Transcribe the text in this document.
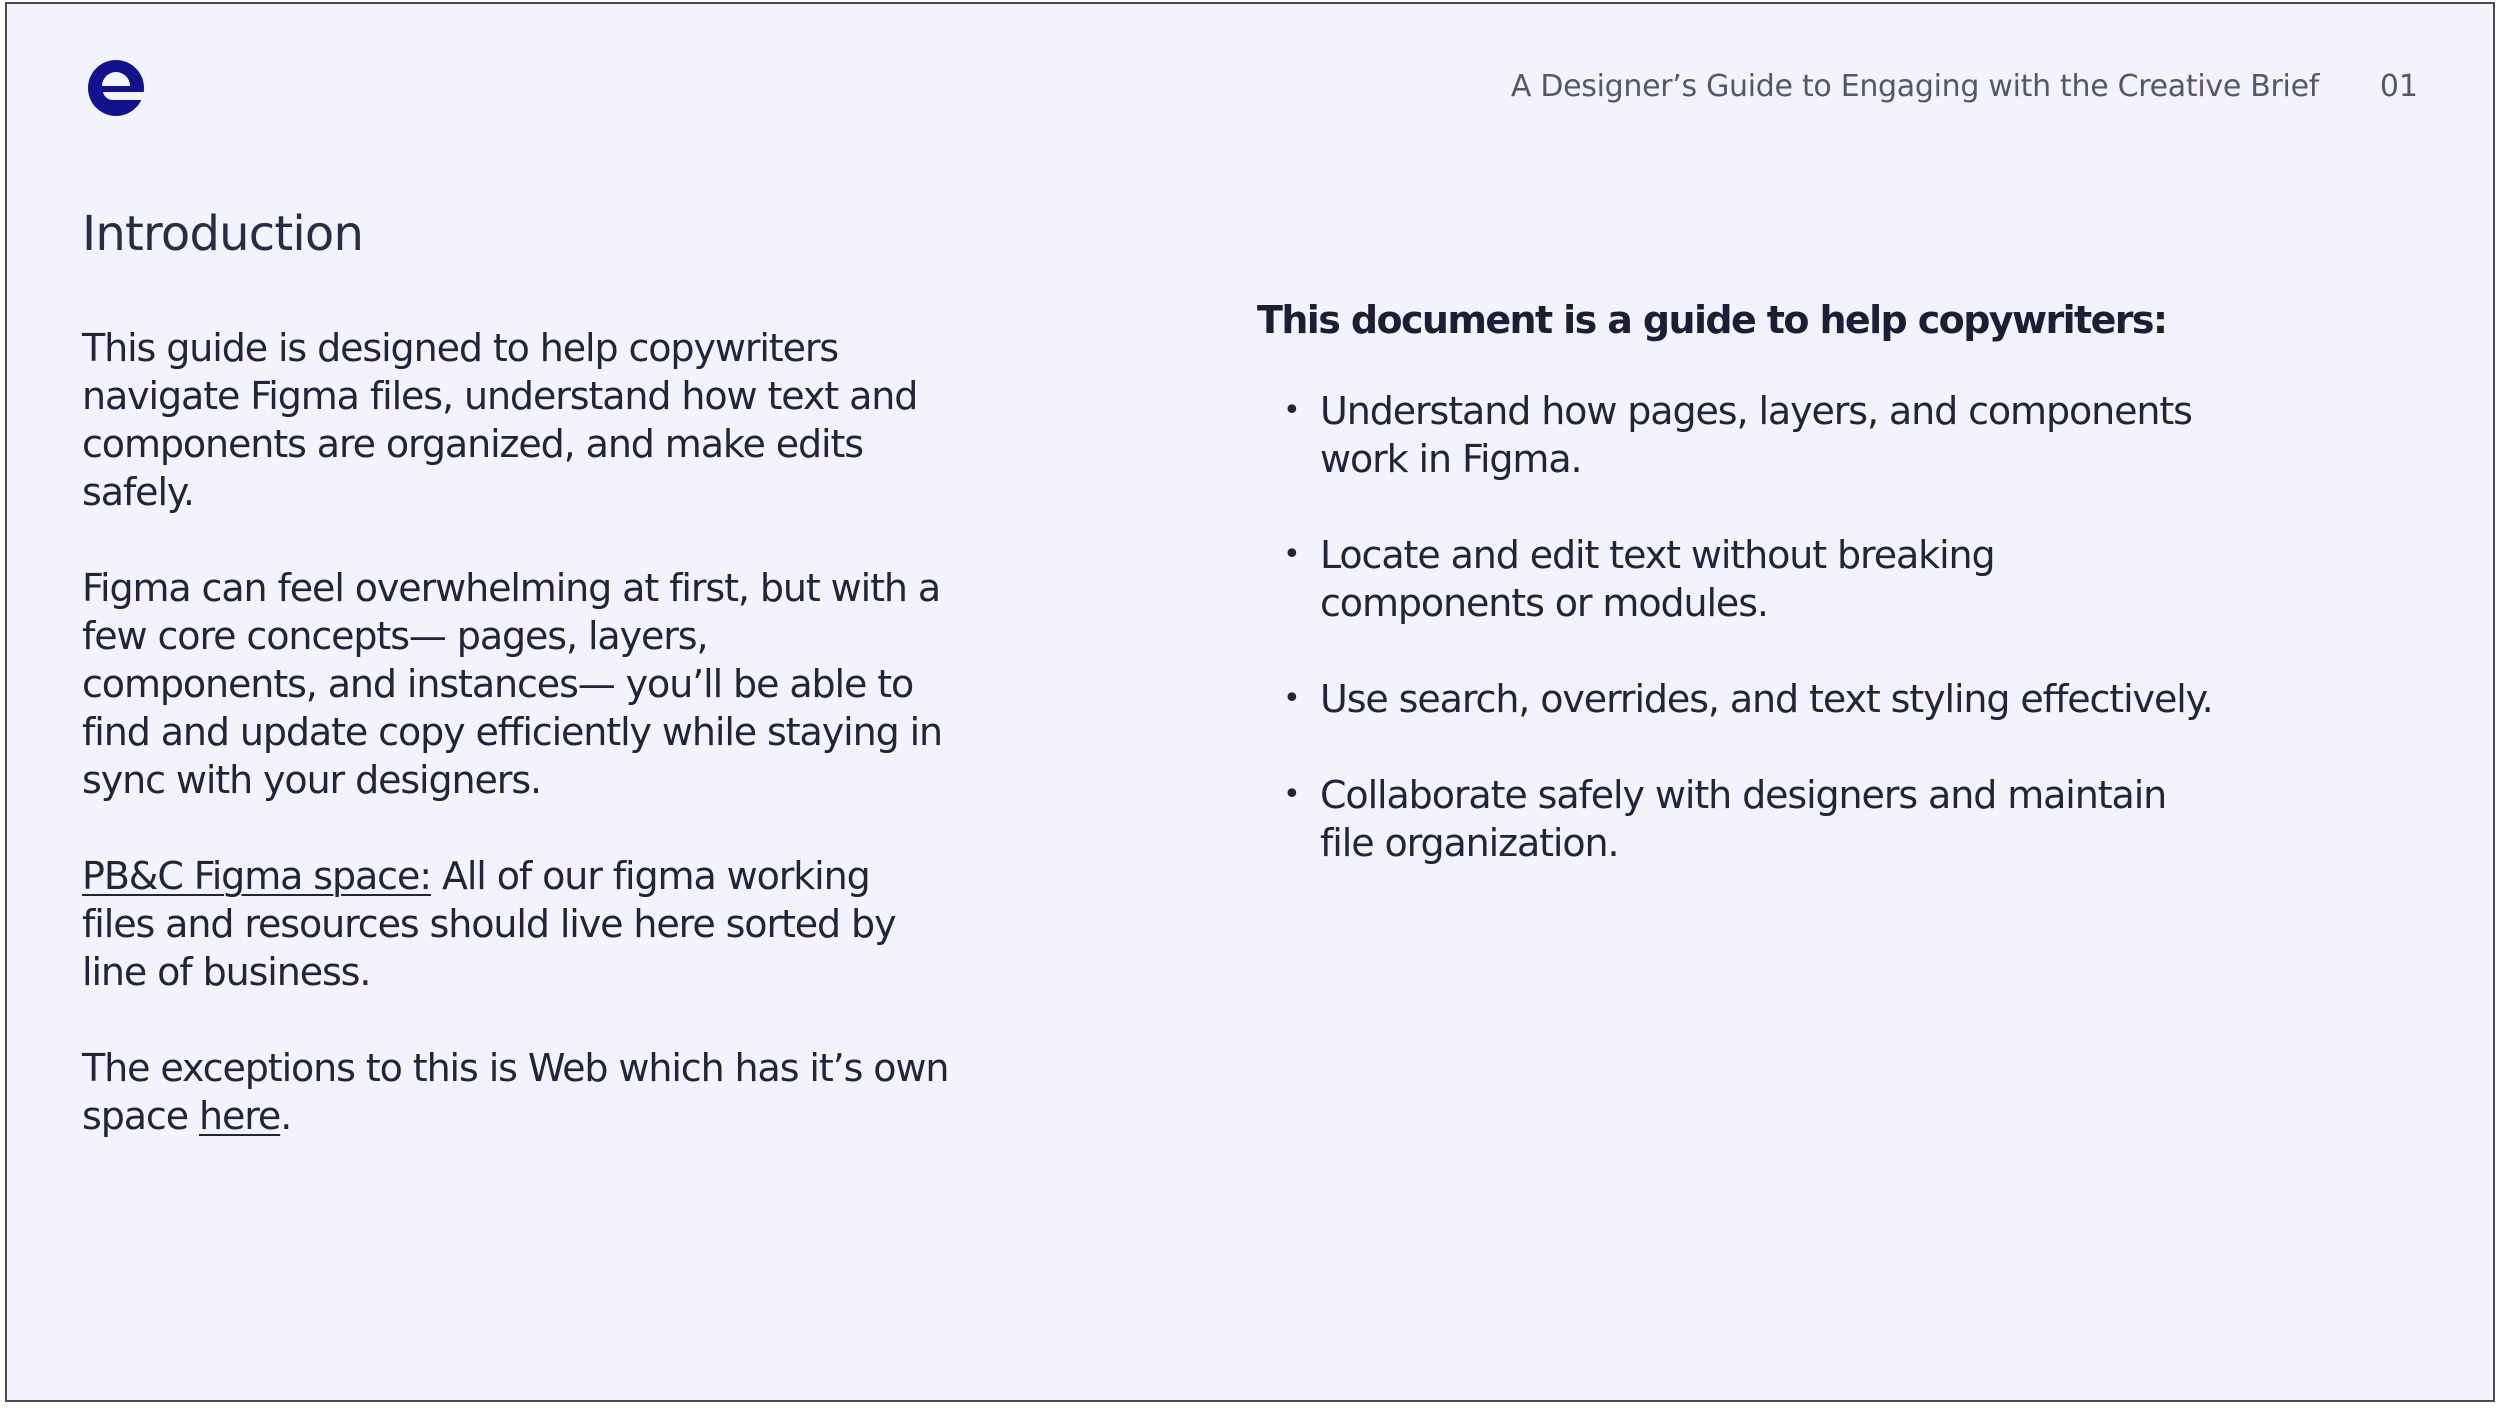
A Designer’s Guide to Engaging with the Creative Brief 01
Introduction

This guide is designed to help copywriters navigate Figma files, understand how text and components are organized, and make edits safely.

Figma can feel overwhelming at first, but with a few core concepts— pages, layers, components, and instances— you’ll be able to find and update copy efficiently while staying in sync with your designers.

PB&C Figma space: All of our figma working files and resources should live here sorted by line of business.

The exceptions to this is Web which has it’s own space here.

This document is a guide to help copywriters:
• Understand how pages, layers, and components work in Figma.
• Locate and edit text without breaking components or modules.
• Use search, overrides, and text styling effectively.
• Collaborate safely with designers and maintain file organization.
